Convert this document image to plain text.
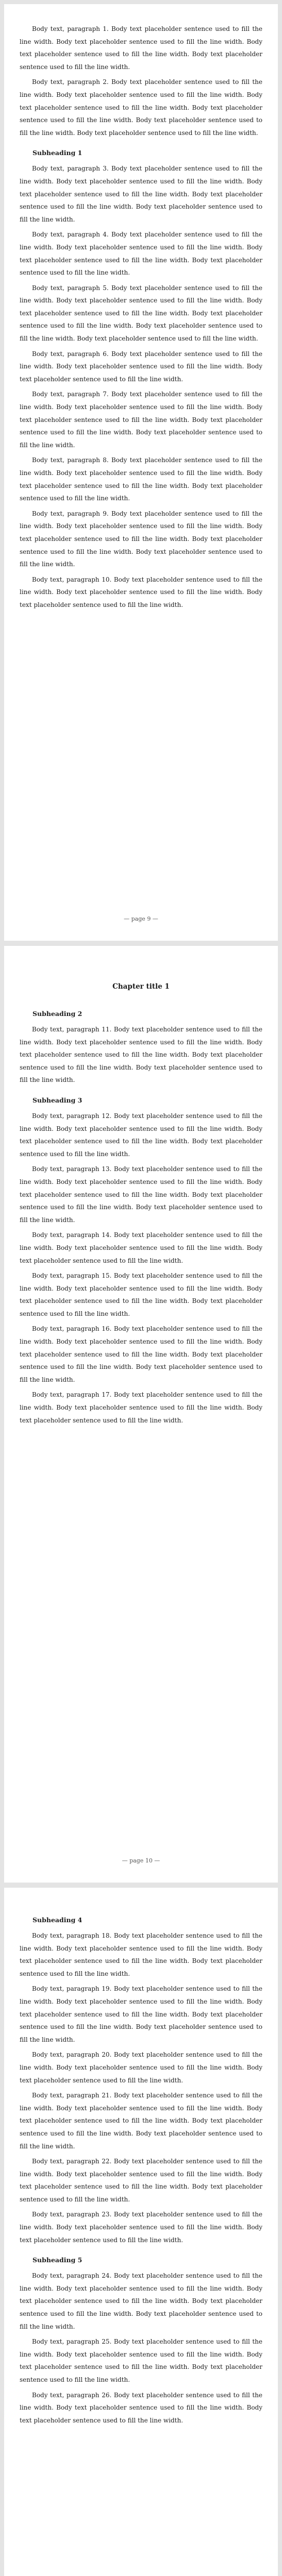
Body text, paragraph 1. Body text placeholder sentence used to fill the line width. Body text placeholder sentence used to fill the line width. Body text placeholder sentence used to fill the line width. Body text placeholder sentence used to fill the line width.

Body text, paragraph 2. Body text placeholder sentence used to fill the line width. Body text placeholder sentence used to fill the line width. Body text placeholder sentence used to fill the line width. Body text placeholder sentence used to fill the line width. Body text placeholder sentence used to fill the line width. Body text placeholder sentence used to fill the line width.

Subheading 1

Body text, paragraph 3. Body text placeholder sentence used to fill the line width. Body text placeholder sentence used to fill the line width. Body text placeholder sentence used to fill the line width. Body text placeholder sentence used to fill the line width. Body text placeholder sentence used to fill the line width.

Body text, paragraph 4. Body text placeholder sentence used to fill the line width. Body text placeholder sentence used to fill the line width. Body text placeholder sentence used to fill the line width. Body text placeholder sentence used to fill the line width.

Body text, paragraph 5. Body text placeholder sentence used to fill the line width. Body text placeholder sentence used to fill the line width. Body text placeholder sentence used to fill the line width. Body text placeholder sentence used to fill the line width. Body text placeholder sentence used to fill the line width. Body text placeholder sentence used to fill the line width.

Body text, paragraph 6. Body text placeholder sentence used to fill the line width. Body text placeholder sentence used to fill the line width. Body text placeholder sentence used to fill the line width.

Body text, paragraph 7. Body text placeholder sentence used to fill the line width. Body text placeholder sentence used to fill the line width. Body text placeholder sentence used to fill the line width. Body text placeholder sentence used to fill the line width. Body text placeholder sentence used to fill the line width.

Body text, paragraph 8. Body text placeholder sentence used to fill the line width. Body text placeholder sentence used to fill the line width. Body text placeholder sentence used to fill the line width. Body text placeholder sentence used to fill the line width.

Body text, paragraph 9. Body text placeholder sentence used to fill the line width. Body text placeholder sentence used to fill the line width. Body text placeholder sentence used to fill the line width. Body text placeholder sentence used to fill the line width. Body text placeholder sentence used to fill the line width.

Body text, paragraph 10. Body text placeholder sentence used to fill the line width. Body text placeholder sentence used to fill the line width. Body text placeholder sentence used to fill the line width.

— page 9 —

Chapter title 1

Subheading 2

Body text, paragraph 11. Body text placeholder sentence used to fill the line width. Body text placeholder sentence used to fill the line width. Body text placeholder sentence used to fill the line width. Body text placeholder sentence used to fill the line width. Body text placeholder sentence used to fill the line width.

Subheading 3

Body text, paragraph 12. Body text placeholder sentence used to fill the line width. Body text placeholder sentence used to fill the line width. Body text placeholder sentence used to fill the line width. Body text placeholder sentence used to fill the line width.

Body text, paragraph 13. Body text placeholder sentence used to fill the line width. Body text placeholder sentence used to fill the line width. Body text placeholder sentence used to fill the line width. Body text placeholder sentence used to fill the line width. Body text placeholder sentence used to fill the line width.

Body text, paragraph 14. Body text placeholder sentence used to fill the line width. Body text placeholder sentence used to fill the line width. Body text placeholder sentence used to fill the line width.

Body text, paragraph 15. Body text placeholder sentence used to fill the line width. Body text placeholder sentence used to fill the line width. Body text placeholder sentence used to fill the line width. Body text placeholder sentence used to fill the line width.

Body text, paragraph 16. Body text placeholder sentence used to fill the line width. Body text placeholder sentence used to fill the line width. Body text placeholder sentence used to fill the line width. Body text placeholder sentence used to fill the line width. Body text placeholder sentence used to fill the line width.

Body text, paragraph 17. Body text placeholder sentence used to fill the line width. Body text placeholder sentence used to fill the line width. Body text placeholder sentence used to fill the line width.

— page 10 —

Subheading 4

Body text, paragraph 18. Body text placeholder sentence used to fill the line width. Body text placeholder sentence used to fill the line width. Body text placeholder sentence used to fill the line width. Body text placeholder sentence used to fill the line width.

Body text, paragraph 19. Body text placeholder sentence used to fill the line width. Body text placeholder sentence used to fill the line width. Body text placeholder sentence used to fill the line width. Body text placeholder sentence used to fill the line width. Body text placeholder sentence used to fill the line width.

Body text, paragraph 20. Body text placeholder sentence used to fill the line width. Body text placeholder sentence used to fill the line width. Body text placeholder sentence used to fill the line width.

Body text, paragraph 21. Body text placeholder sentence used to fill the line width. Body text placeholder sentence used to fill the line width. Body text placeholder sentence used to fill the line width. Body text placeholder sentence used to fill the line width. Body text placeholder sentence used to fill the line width.

Body text, paragraph 22. Body text placeholder sentence used to fill the line width. Body text placeholder sentence used to fill the line width. Body text placeholder sentence used to fill the line width. Body text placeholder sentence used to fill the line width.

Body text, paragraph 23. Body text placeholder sentence used to fill the line width. Body text placeholder sentence used to fill the line width. Body text placeholder sentence used to fill the line width.

Subheading 5

Body text, paragraph 24. Body text placeholder sentence used to fill the line width. Body text placeholder sentence used to fill the line width. Body text placeholder sentence used to fill the line width. Body text placeholder sentence used to fill the line width. Body text placeholder sentence used to fill the line width.

Body text, paragraph 25. Body text placeholder sentence used to fill the line width. Body text placeholder sentence used to fill the line width. Body text placeholder sentence used to fill the line width. Body text placeholder sentence used to fill the line width.

Body text, paragraph 26. Body text placeholder sentence used to fill the line width. Body text placeholder sentence used to fill the line width. Body text placeholder sentence used to fill the line width.
